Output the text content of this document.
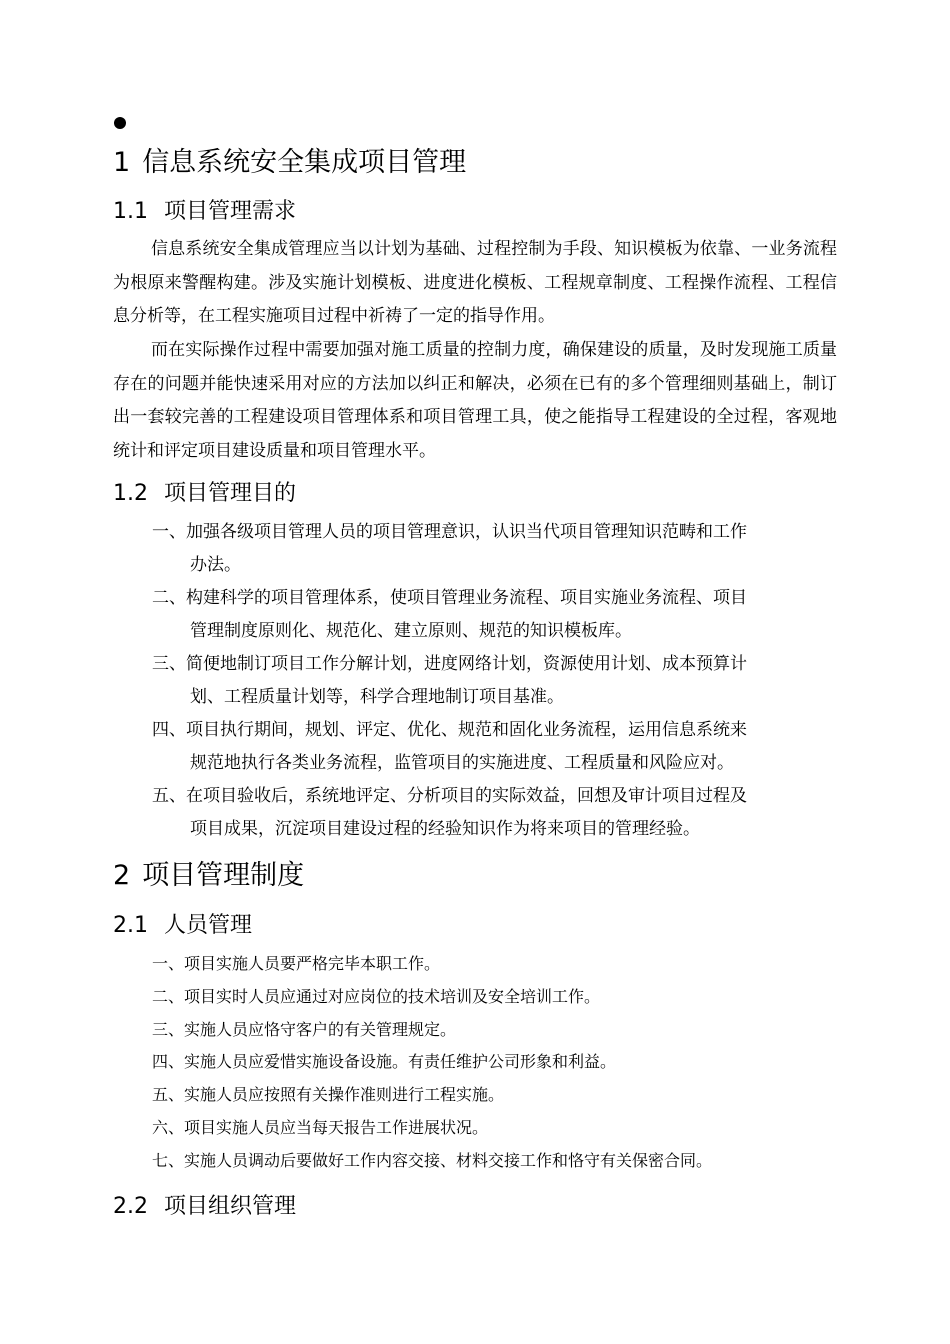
1 信息系统安全集成项目管理
1.1 项目管理需求

信息系统安全集成管理应当以计划为基础、过程控制为手段、知识模板为依靠、一业务流程为根原来警醒构建。涉及实施计划模板、进度进化模板、工程规章制度、工程操作流程、工程信息分析等，在工程实施项目过程中祈祷了一定的指导作用。

而在实际操作过程中需要加强对施工质量的控制力度，确保建设的质量，及时发现施工质量存在的问题并能快速采用对应的方法加以纠正和解决，必须在已有的多个管理细则基础上，制订出一套较完善的工程建设项目管理体系和项目管理工具，使之能指导工程建设的全过程，客观地统计和评定项目建设质量和项目管理水平。

1.2 项目管理目的

一、加强各级项目管理人员的项目管理意识，认识当代项目管理知识范畴和工作
办法。

二、构建科学的项目管理体系，使项目管理业务流程、项目实施业务流程、项目
管理制度原则化、规范化、建立原则、规范的知识模板库。

三、简便地制订项目工作分解计划，进度网络计划，资源使用计划、成本预算计
划、工程质量计划等，科学合理地制订项目基准。

四、项目执行期间，规划、评定、优化、规范和固化业务流程，运用信息系统来
规范地执行各类业务流程，监管项目的实施进度、工程质量和风险应对。

五、在项目验收后，系统地评定、分析项目的实际效益，回想及审计项目过程及
项目成果，沉淀项目建设过程的经验知识作为将来项目的管理经验。

2 项目管理制度
2.1 人员管理

一、项目实施人员要严格完毕本职工作。

二、项目实时人员应通过对应岗位的技术培训及安全培训工作。

三、实施人员应恪守客户的有关管理规定。

四、实施人员应爱惜实施设备设施。有责任维护公司形象和利益。

五、实施人员应按照有关操作准则进行工程实施。

六、项目实施人员应当每天报告工作进展状况。

七、实施人员调动后要做好工作内容交接、材料交接工作和恪守有关保密合同。

2.2 项目组织管理
